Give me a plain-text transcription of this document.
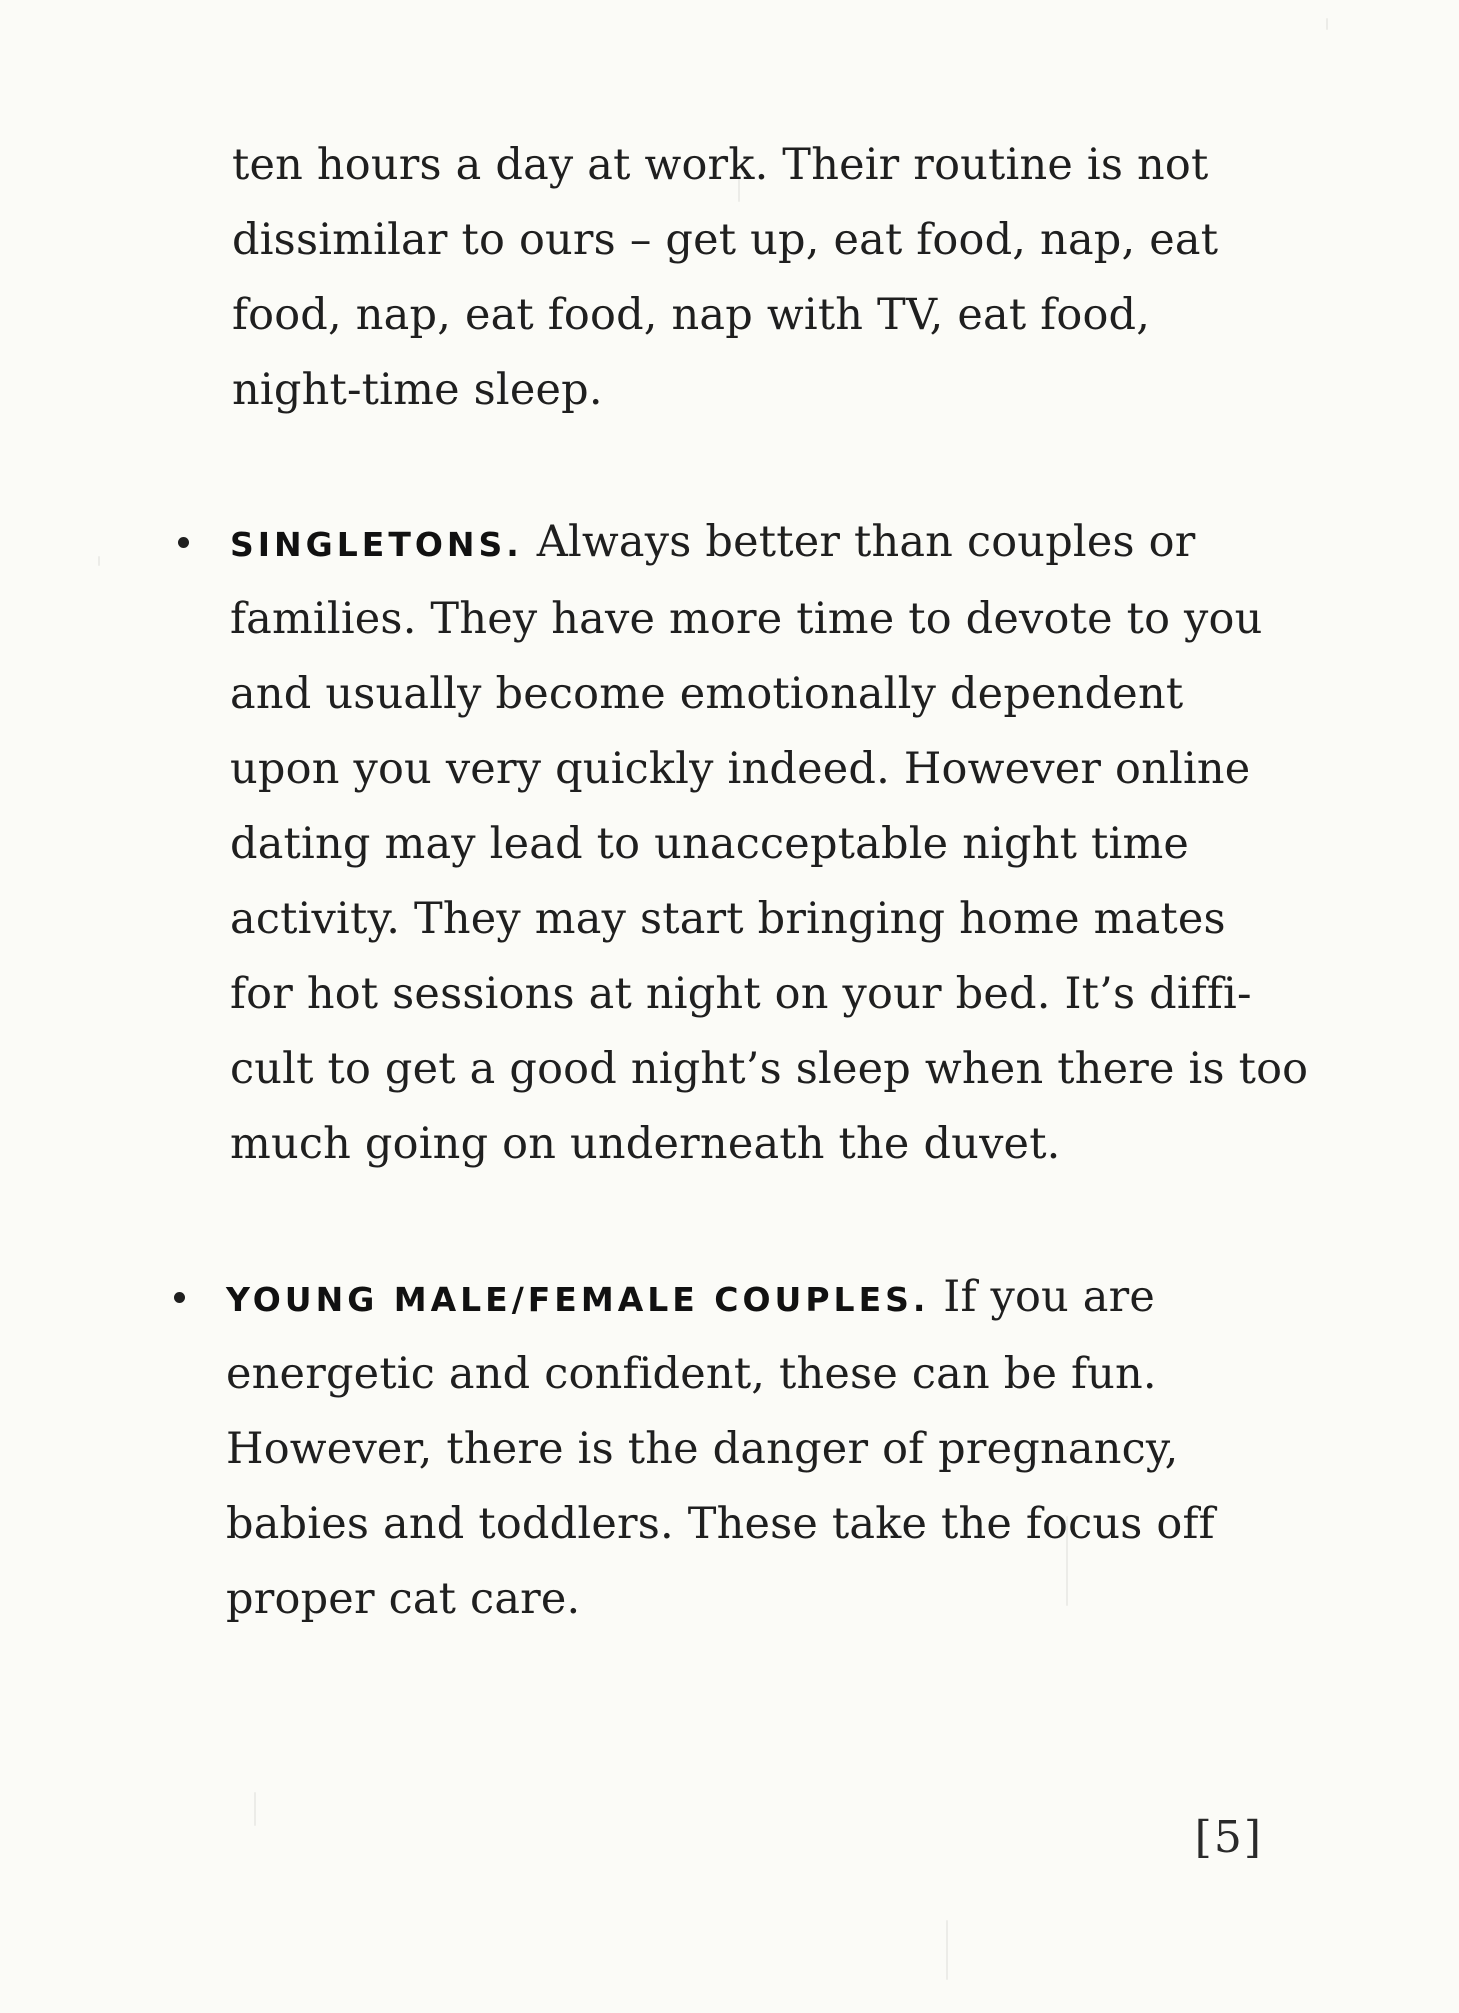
ten hours a day at work. Their routine is not
dissimilar to ours – get up, eat food, nap, eat
food, nap, eat food, nap with TV, eat food,
night-time sleep.
SINGLETONS. Always better than couples or
families. They have more time to devote to you
and usually become emotionally dependent
upon you very quickly indeed. However online
dating may lead to unacceptable night time
activity. They may start bringing home mates
for hot sessions at night on your bed. It’s diffi-
cult to get a good night’s sleep when there is too
much going on underneath the duvet.
YOUNG MALE/FEMALE COUPLES. If you are
energetic and confident, these can be fun.
However, there is the danger of pregnancy,
babies and toddlers. These take the focus off
proper cat care.
[5]
